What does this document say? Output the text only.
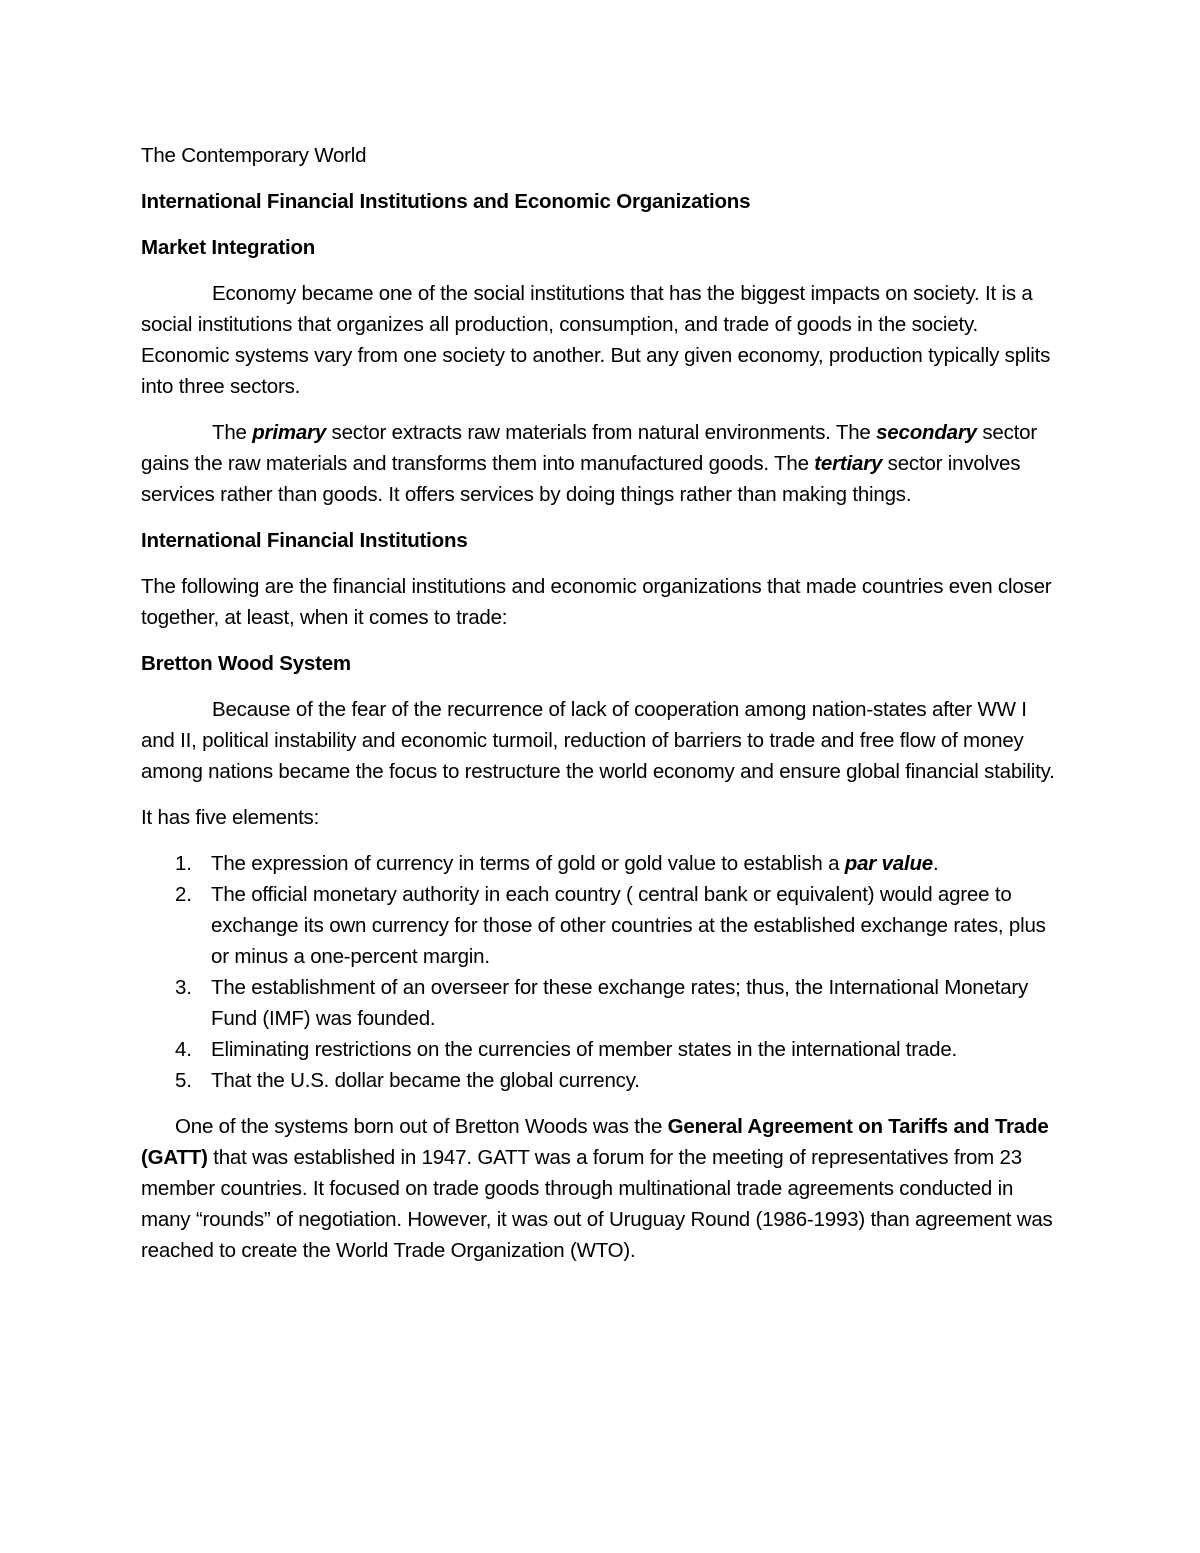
The Contemporary World

International Financial Institutions and Economic Organizations

Market Integration

Economy became one of the social institutions that has the biggest impacts on society. It is a social institutions that organizes all production, consumption, and trade of goods in the society. Economic systems vary from one society to another. But any given economy, production typically splits into three sectors.

The primary sector extracts raw materials from natural environments. The secondary sector gains the raw materials and transforms them into manufactured goods. The tertiary sector involves services rather than goods. It offers services by doing things rather than making things.

International Financial Institutions

The following are the financial institutions and economic organizations that made countries even closer together, at least, when it comes to trade:

Bretton Wood System

Because of the fear of the recurrence of lack of cooperation among nation-states after WW I and II, political instability and economic turmoil, reduction of barriers to trade and free flow of money among nations became the focus to restructure the world economy and ensure global financial stability.

It has five elements:

1. The expression of currency in terms of gold or gold value to establish a par value.
2. The official monetary authority in each country ( central bank or equivalent) would agree to exchange its own currency for those of other countries at the established exchange rates, plus or minus a one-percent margin.
3. The establishment of an overseer for these exchange rates; thus, the International Monetary Fund (IMF) was founded.
4. Eliminating restrictions on the currencies of member states in the international trade.
5. That the U.S. dollar became the global currency.

One of the systems born out of Bretton Woods was the General Agreement on Tariffs and Trade (GATT) that was established in 1947. GATT was a forum for the meeting of representatives from 23 member countries. It focused on trade goods through multinational trade agreements conducted in many “rounds” of negotiation. However, it was out of Uruguay Round (1986-1993) than agreement was reached to create the World Trade Organization (WTO).
